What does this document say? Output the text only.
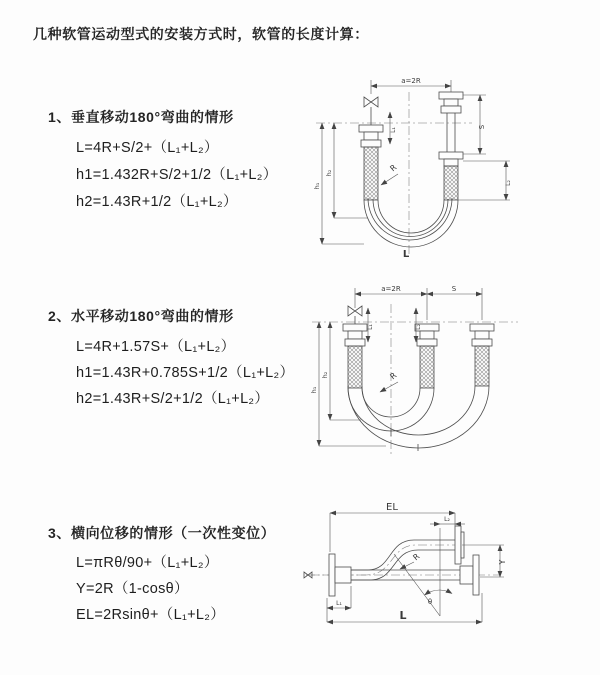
几种软管运动型式的安装方式时，软管的长度计算：
1、垂直移动180°弯曲的情形
L=4R+S/2+（L₁+L₂）
h1=1.432R+S/2+1/2（L₁+L₂）
h2=1.43R+1/2（L₁+L₂）
2、水平移动180°弯曲的情形
L=4R+1.57S+（L₁+L₂）
h1=1.43R+0.785S+1/2（L₁+L₂）
h2=1.43R+S/2+1/2（L₁+L₂）
3、横向位移的情形（一次性变位）
L=πRθ/90+（L₁+L₂）
Y=2R（1-cosθ）
EL=2Rsinθ+（L₁+L₂）
a=2R
S
L₂
L₁
h₁
h₂	R
L
a=2R	S
L₁	L₂
h₁
h₂	R
EL
L₂
Y
L
L₁
R
θ
